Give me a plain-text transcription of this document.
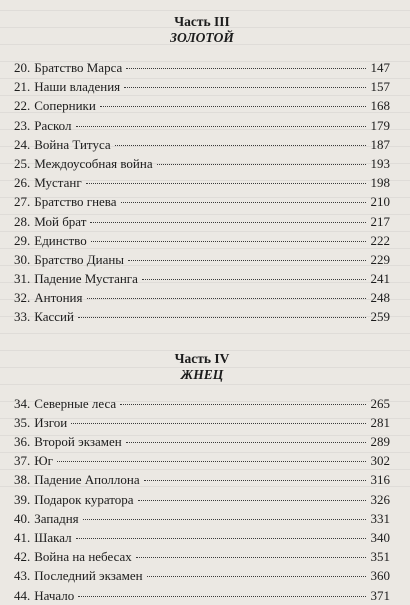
Часть III
ЗОЛОТОЙ
20. Братство Марса	147
21. Наши владения	157
22. Соперники	168
23. Раскол	179
24. Война Титуса	187
25. Междоусобная война	193
26. Мустанг	198
27. Братство гнева	210
28. Мой брат	217
29. Единство	222
30. Братство Дианы	229
31. Падение Мустанга	241
32. Антония	248
33. Кассий	259
Часть IV
ЖНЕЦ
34. Северные леса	265
35. Изгои	281
36. Второй экзамен	289
37. Юг	302
38. Падение Аполлона	316
39. Подарок куратора	326
40. Западня	331
41. Шакал	340
42. Война на небесах	351
43. Последний экзамен	360
44. Начало	371
